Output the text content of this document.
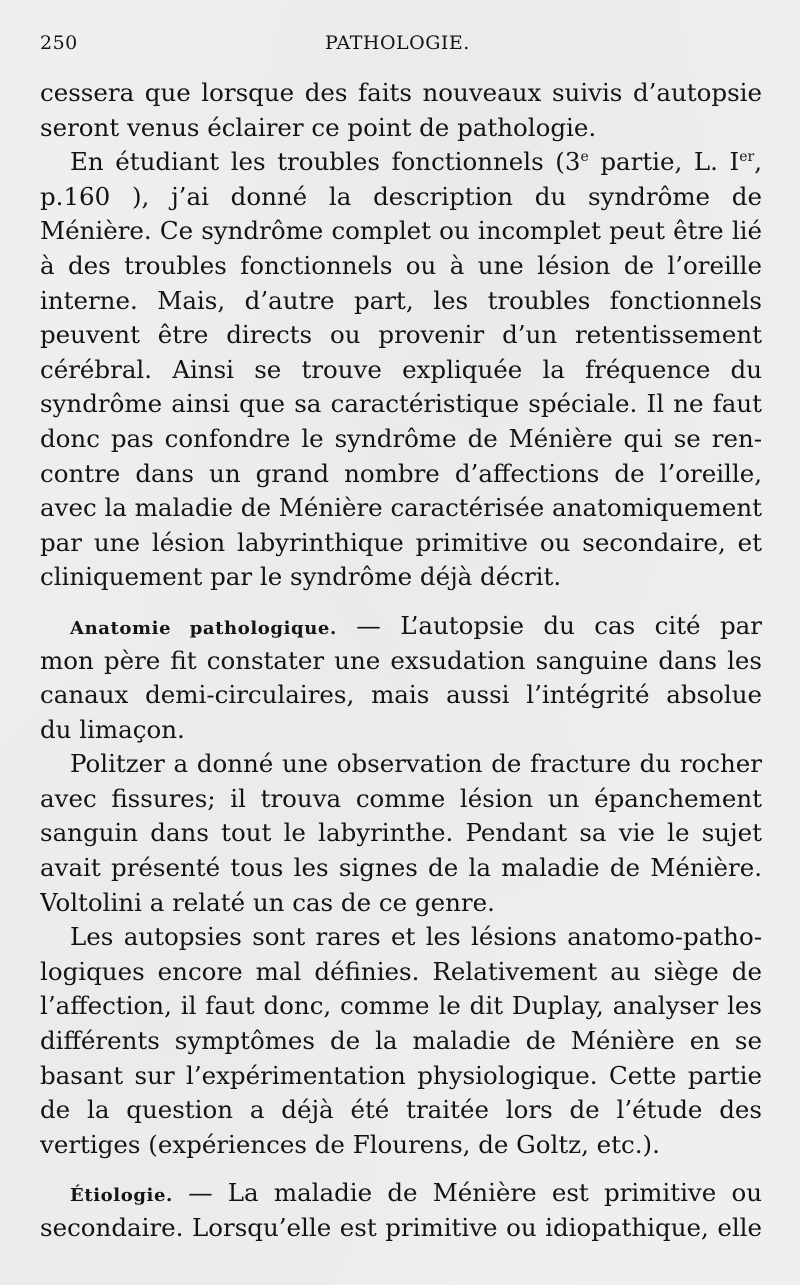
250	PATHOLOGIE.
cessera que lorsque des faits nouveaux suivis d’autopsie
seront venus éclairer ce point de pathologie.
En étudiant les troubles fonctionnels (3e partie, L. Ier,
p.160 ), j’ai donné la description du syndrôme de
Ménière. Ce syndrôme complet ou incomplet peut être lié
à des troubles fonctionnels ou à une lésion de l’oreille
interne. Mais, d’autre part, les troubles fonctionnels
peuvent être directs ou provenir d’un retentissement
cérébral. Ainsi se trouve expliquée la fréquence du
syndrôme ainsi que sa caractéristique spéciale. Il ne faut
donc pas confondre le syndrôme de Ménière qui se ren-
contre dans un grand nombre d’affections de l’oreille,
avec la maladie de Ménière caractérisée anatomiquement
par une lésion labyrinthique primitive ou secondaire, et
cliniquement par le syndrôme déjà décrit.
Anatomie pathologique. — L’autopsie du cas cité par
mon père fit constater une exsudation sanguine dans les
canaux demi-circulaires, mais aussi l’intégrité absolue
du limaçon.
Politzer a donné une observation de fracture du rocher
avec fissures; il trouva comme lésion un épanchement
sanguin dans tout le labyrinthe. Pendant sa vie le sujet
avait présenté tous les signes de la maladie de Ménière.
Voltolini a relaté un cas de ce genre.
Les autopsies sont rares et les lésions anatomo-patho-
logiques encore mal définies. Relativement au siège de
l’affection, il faut donc, comme le dit Duplay, analyser les
différents symptômes de la maladie de Ménière en se
basant sur l’expérimentation physiologique. Cette partie
de la question a déjà été traitée lors de l’étude des
vertiges (expériences de Flourens, de Goltz, etc.).
Étiologie. — La maladie de Ménière est primitive ou
secondaire. Lorsqu’elle est primitive ou idiopathique, elle
